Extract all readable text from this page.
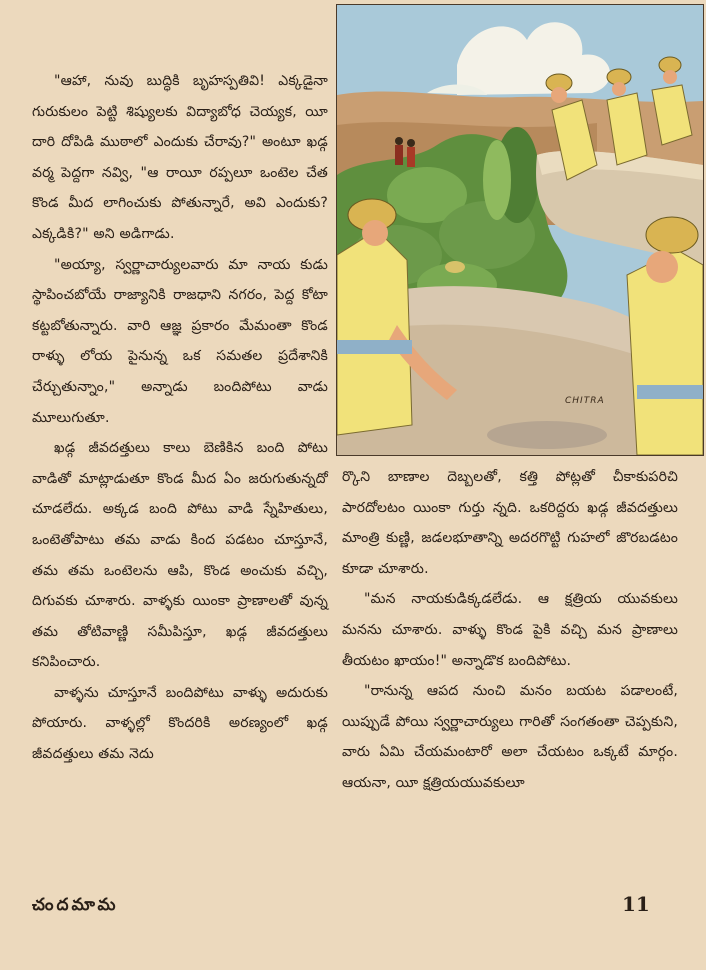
"ఆహా, నువు బుద్ధికి బృహస్పతివి! ఎక్కడైనా గురుకులం పెట్టి శిష్యులకు విద్యాబోధ చెయ్యక, యీ దారి దోపిడి ముఠాలో ఎందుకు చేరావు?" అంటూ ఖడ్గ వర్మ పెద్దగా నవ్వి, "ఆ రాయీ రప్పలూ ఒంటెల చేత కొండ మీద లాగించుకు పోతున్నారే, అవి ఎందుకు? ఎక్కడికి?" అని అడిగాడు.

"అయ్యా, స్వర్ణాచార్యులవారు మా నాయ కుడు స్థాపించబోయే రాజ్యానికి రాజధాని నగరం, పెద్ద కోటా కట్టబోతున్నారు. వారి ఆజ్ఞ ప్రకారం మేమంతా కొండ రాళ్ళు లోయ పైనున్న ఒక సమతల ప్రదేశానికి చేర్చుతున్నాం," అన్నాడు బందిపోటు వాడు మూలుగుతూ.

ఖడ్గ జీవదత్తులు కాలు బెణికిన బంది పోటు వాడితో మాట్లాడుతూ కొండ మీద ఏం జరుగుతున్నదో చూడలేదు. అక్కడ బంది పోటు వాడి స్నేహితులు, ఒంటెతోపాటు తమ వాడు కింద పడటం చూస్తూనే, తమ తమ ఒంటెలను ఆపి, కొండ అంచుకు వచ్చి, దిగువకు చూశారు. వాళ్ళకు యింకా ప్రాణాలతో వున్న తమ తోటివాణ్ణి సమీపిస్తూ, ఖడ్గ జీవదత్తులు కనిపించారు.

వాళ్ళను చూస్తూనే బందిపోటు వాళ్ళు అదురుకు పోయారు. వాళ్ళల్లో కొందరికి అరణ్యంలో ఖడ్గ జీవదత్తులు తమ నెదు

CHITRA

ర్కొని బాణాల దెబ్బలతో, కత్తి పోట్లతో చీకాకుపరిచి పారదోలటం యింకా గుర్తు న్నది. ఒకరిద్దరు ఖడ్గ జీవదత్తులు మాంత్రి కుణ్ణి, జడలభూతాన్ని అదరగొట్టి గుహలో జొరబడటం కూడా చూశారు.

"మన నాయకుడిక్కడలేడు. ఆ క్షత్రియ యువకులు మనను చూశారు. వాళ్ళు కొండ పైకి వచ్చి మన ప్రాణాలు తీయటం ఖాయం!" అన్నాడొక బందిపోటు.

"రానున్న ఆపద నుంచి మనం బయట పడాలంటే, యిప్పుడే పోయి స్వర్ణాచార్యులు గారితో సంగతంతా చెప్పకుని, వారు ఏమి చేయమంటారో అలా చేయటం ఒక్కటే మార్గం. ఆయనా, యీ క్షత్రియయువకులూ

చందమామ	11
